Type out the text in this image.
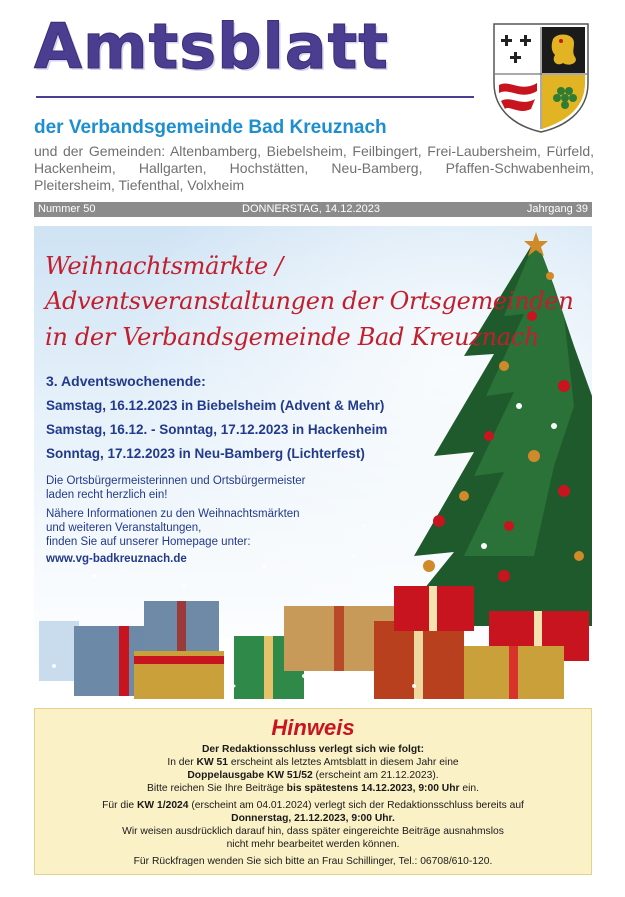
Amtsblatt
der Verbandsgemeinde Bad Kreuznach
und der Gemeinden: Altenbamberg, Biebelsheim, Feilbingert, Frei-Laubersheim, Fürfeld, Hackenheim, Hallgarten, Hochstätten, Neu-Bamberg, Pfaffen-Schwabenheim, Pleitersheim, Tiefenthal, Volxheim
Nummer 50	DONNERSTAG, 14.12.2023	Jahrgang 39
Weihnachtsmärkte /
Adventsveranstaltungen der Ortsgemeinden
in der Verbandsgemeinde Bad Kreuznach
3. Adventswochenende:
Samstag, 16.12.2023 in Biebelsheim (Advent & Mehr)
Samstag, 16.12. - Sonntag, 17.12.2023 in Hackenheim
Sonntag, 17.12.2023 in Neu-Bamberg (Lichterfest)
Die Ortsbürgermeisterinnen und Ortsbürgermeister
laden recht herzlich ein!
Nähere Informationen zu den Weihnachtsmärkten
und weiteren Veranstaltungen,
finden Sie auf unserer Homepage unter:
www.vg-badkreuznach.de
Hinweis
Der Redaktionsschluss verlegt sich wie folgt:
In der KW 51 erscheint als letztes Amtsblatt in diesem Jahr eine
Doppelausgabe KW 51/52 (erscheint am 21.12.2023).
Bitte reichen Sie Ihre Beiträge bis spätestens 14.12.2023, 9:00 Uhr ein.
Für die KW 1/2024 (erscheint am 04.01.2024) verlegt sich der Redaktionsschluss bereits auf
Donnerstag, 21.12.2023, 9:00 Uhr.
Wir weisen ausdrücklich darauf hin, dass später eingereichte Beiträge ausnahmslos
nicht mehr bearbeitet werden können.
Für Rückfragen wenden Sie sich bitte an Frau Schillinger, Tel.: 06708/610-120.
